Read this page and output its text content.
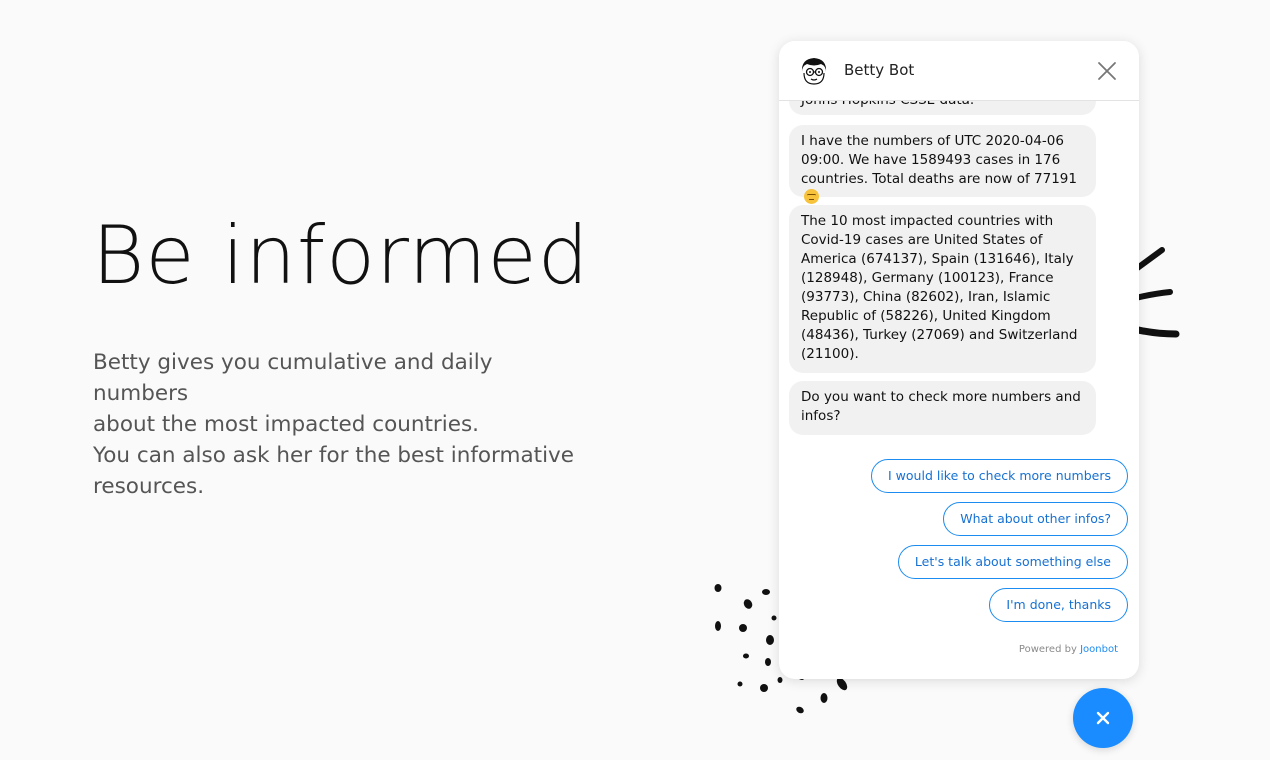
Be informed
Betty gives you cumulative and daily numbers
about the most impacted countries.
You can also ask her for the best informative
resources.
I have the numbers of UTC 2020-04-06 09:00. We have 1589493 cases in 176 countries. Total deaths are now of 77191
The 10 most impacted countries with Covid-19 cases are United States of America (674137), Spain (131646), Italy (128948), Germany (100123), France (93773), China (82602), Iran, Islamic Republic of (58226), United Kingdom (48436), Turkey (27069) and Switzerland (21100).
Do you want to check more numbers and infos?
I would like to check more numbers
What about other infos?
Let's talk about something else
I'm done, thanks
Powered by Joonbot
Betty Bot
